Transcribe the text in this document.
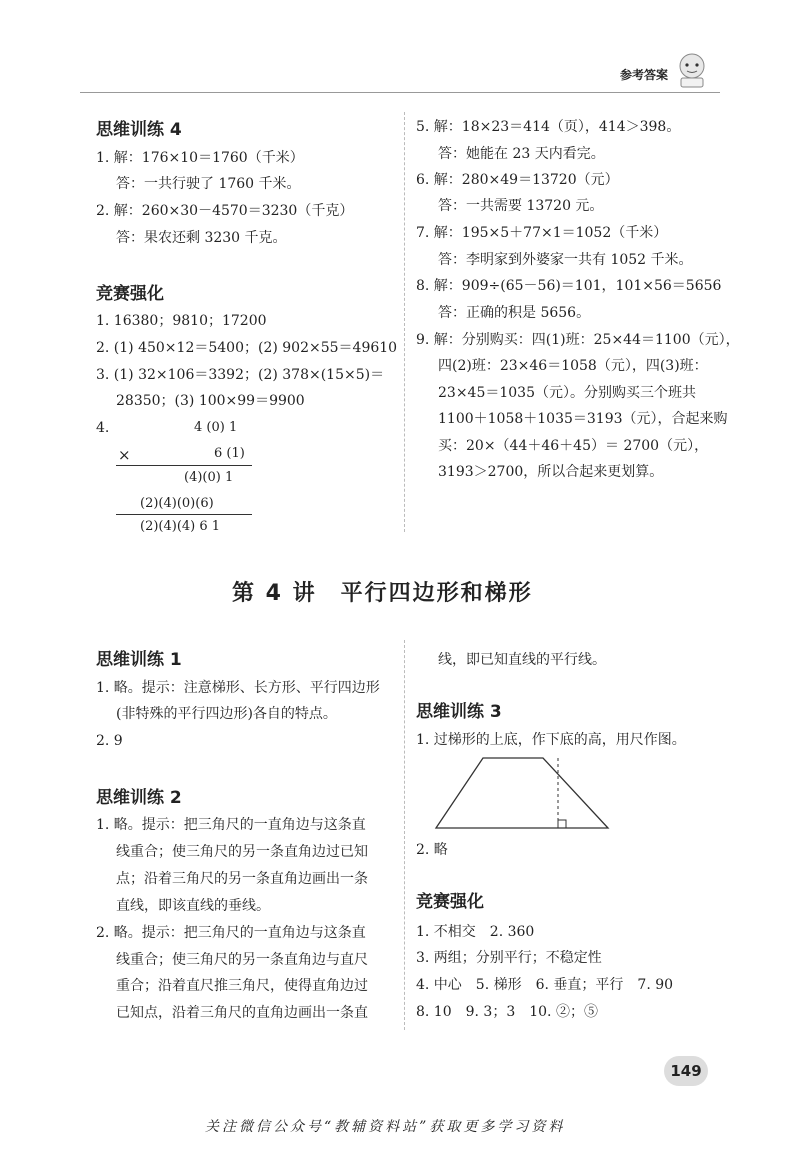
参考答案
思维训练 4
1. 解：176×10＝1760（千米）
答：一共行驶了 1760 千米。
2. 解：260×30－4570＝3230（千克）
答：果农还剩 3230 千克。
竞赛强化
1. 16380；9810；17200
2. (1) 450×12＝5400；(2) 902×55＝49610
3. (1) 32×106＝3392；(2) 378×(15×5)＝
28350；(3) 100×99＝9900
4.	4 (0) 1
×	6 (1)
(4)(0) 1
(2)(4)(0)(6)
(2)(4)(4) 6 1
5. 解：18×23＝414（页），414＞398。
答：她能在 23 天内看完。
6. 解：280×49＝13720（元）
答：一共需要 13720 元。
7. 解：195×5＋77×1＝1052（千米）
答：李明家到外婆家一共有 1052 千米。
8. 解：909÷(65－56)＝101，101×56＝5656
答：正确的积是 5656。
9. 解：分别购买：四(1)班：25×44＝1100（元），
四(2)班：23×46＝1058（元），四(3)班：
23×45＝1035（元）。分别购买三个班共
1100＋1058＋1035＝3193（元），合起来购
买：20×（44＋46＋45）＝ 2700（元），
3193＞2700，所以合起来更划算。
第 4 讲　平行四边形和梯形
思维训练 1
1. 略。提示：注意梯形、长方形、平行四边形
(非特殊的平行四边形)各自的特点。
2. 9
思维训练 2
1. 略。提示：把三角尺的一直角边与这条直
线重合；使三角尺的另一条直角边过已知
点；沿着三角尺的另一条直角边画出一条
直线，即该直线的垂线。
2. 略。提示：把三角尺的一直角边与这条直
线重合；使三角尺的另一条直角边与直尺
重合；沿着直尺推三角尺，使得直角边过
已知点，沿着三角尺的直角边画出一条直
线，即已知直线的平行线。
思维训练 3
1. 过梯形的上底，作下底的高，用尺作图。
2. 略
竞赛强化
1. 不相交　2. 360
3. 两组；分别平行；不稳定性
4. 中心　5. 梯形　6. 垂直；平行　7. 90
8. 10　9. 3；3　10. ②；⑤
149
关注微信公众号“教辅资料站”获取更多学习资料
